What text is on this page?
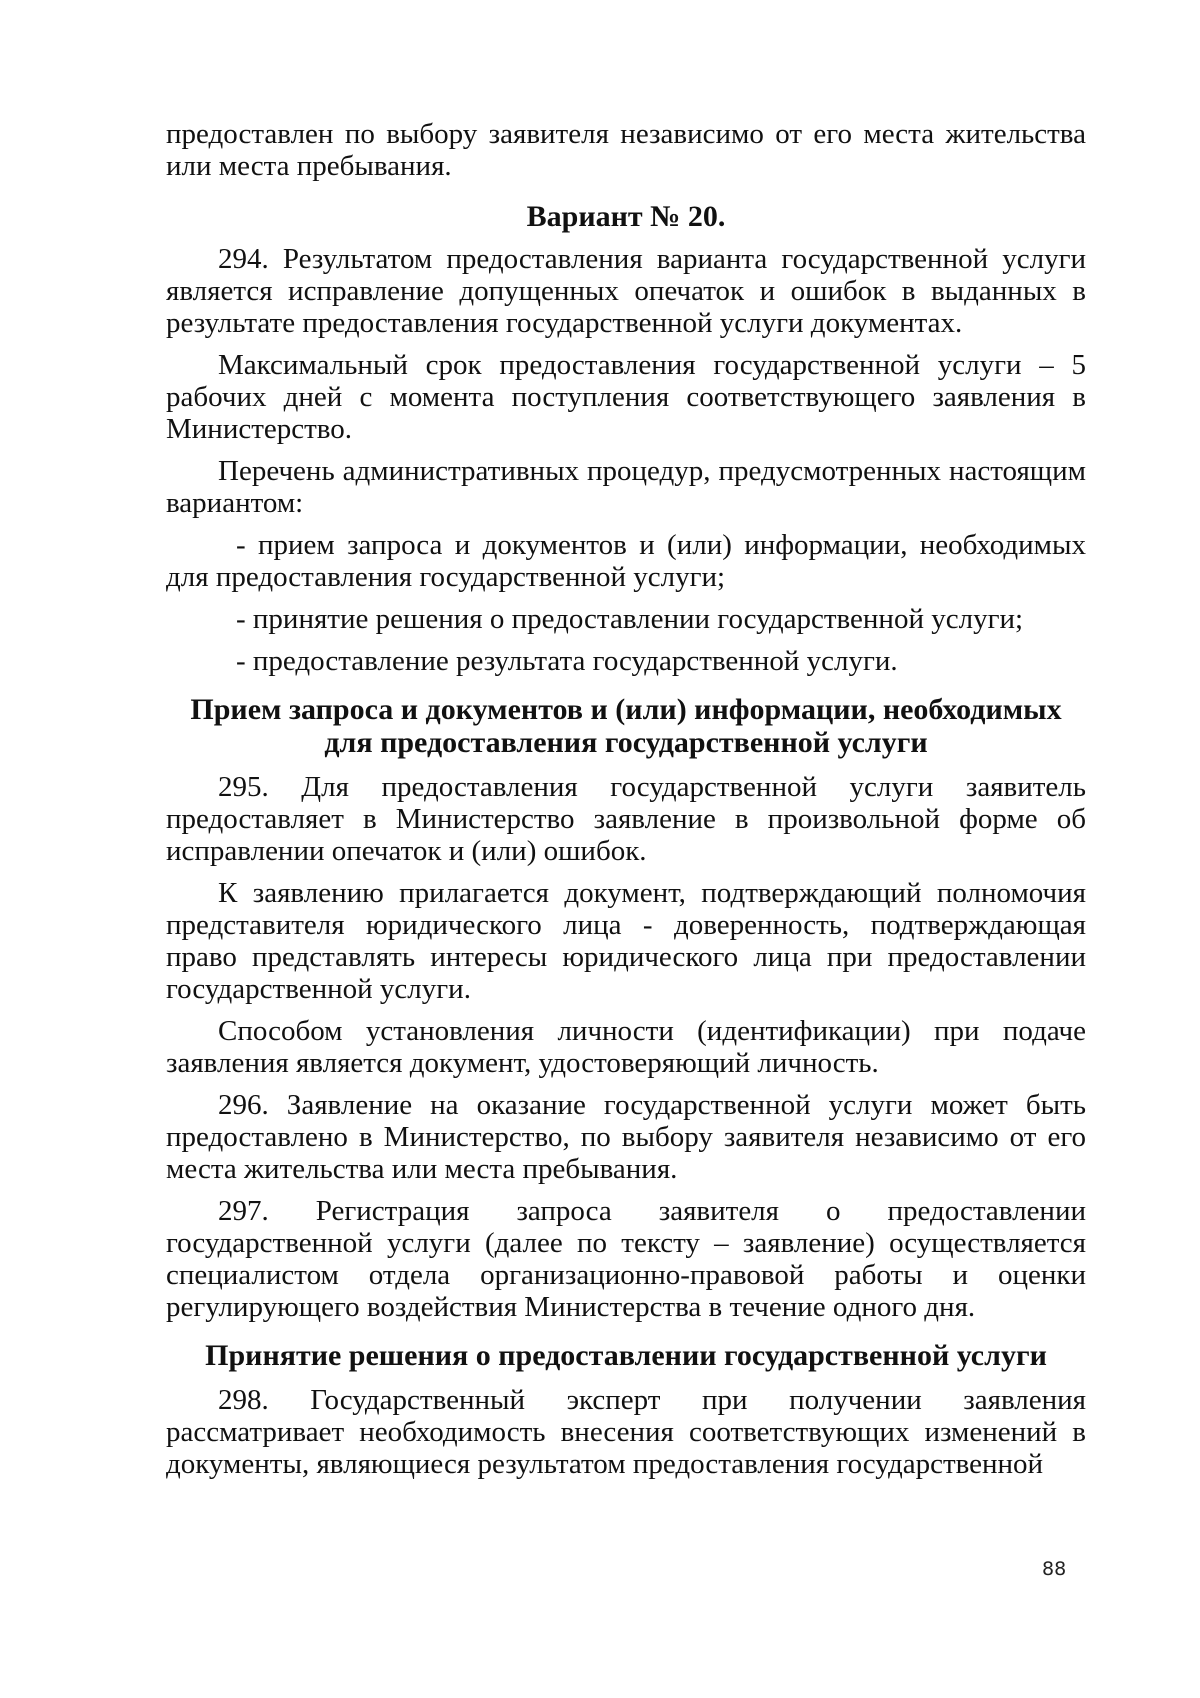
предоставлен по выбору заявителя независимо от его места жительства или места пребывания.

Вариант № 20.

294. Результатом предоставления варианта государственной услуги является исправление допущенных опечаток и ошибок в выданных в результате предоставления государственной услуги документах.

Максимальный срок предоставления государственной услуги – 5 рабочих дней с момента поступления соответствующего заявления в Министерство.

Перечень административных процедур, предусмотренных настоящим вариантом:

- прием запроса и документов и (или) информации, необходимых для предоставления государственной услуги;

- принятие решения о предоставлении государственной услуги;

- предоставление результата государственной услуги.

Прием запроса и документов и (или) информации, необходимых для предоставления государственной услуги

295. Для предоставления государственной услуги заявитель предоставляет в Министерство заявление в произвольной форме об исправлении опечаток и (или) ошибок.

К заявлению прилагается документ, подтверждающий полномочия представителя юридического лица - доверенность, подтверждающая право представлять интересы юридического лица при предоставлении государственной услуги.

Способом установления личности (идентификации) при подаче заявления является документ, удостоверяющий личность.

296. Заявление на оказание государственной услуги может быть предоставлено в Министерство, по выбору заявителя независимо от его места жительства или места пребывания.

297. Регистрация запроса заявителя о предоставлении государственной услуги (далее по тексту – заявление) осуществляется специалистом отдела организационно-правовой работы и оценки регулирующего воздействия Министерства в течение одного дня.

Принятие решения о предоставлении государственной услуги

298. Государственный эксперт при получении заявления рассматривает необходимость внесения соответствующих изменений в документы, являющиеся результатом предоставления государственной

88
